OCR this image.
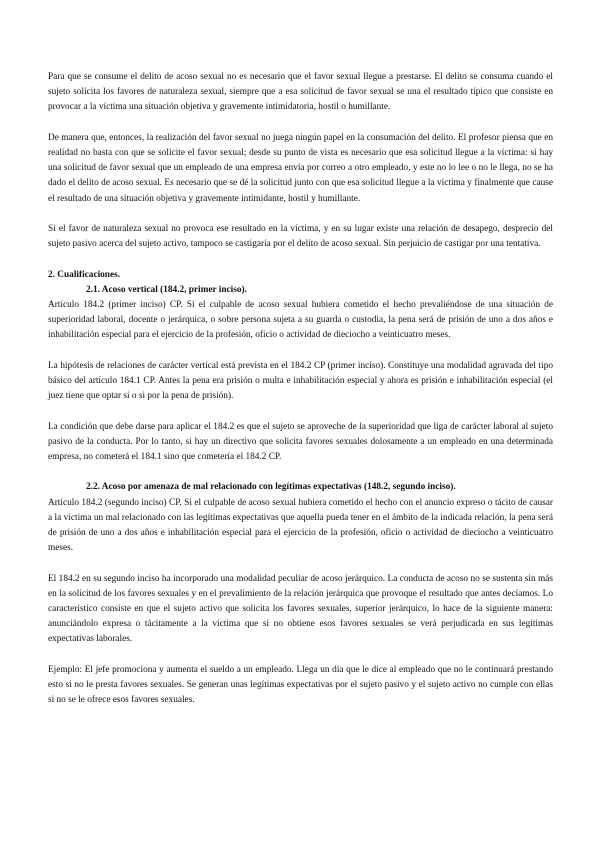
Para que se consume el delito de acoso sexual no es necesario que el favor sexual llegue a prestarse. El delito se consuma cuando el sujeto solicita los favores de naturaleza sexual, siempre que a esa solicitud de favor sexual se una el resultado típico que consiste en provocar a la víctima una situación objetiva y gravemente intimidatoria, hostil o humillante.

De manera que, entonces, la realización del favor sexual no juega ningún papel en la consumación del delito. El profesor piensa que en realidad no basta con que se solicite el favor sexual; desde su punto de vista es necesario que esa solicitud llegue a la víctima: si hay una solicitud de favor sexual que un empleado de una empresa envía por correo a otro empleado, y este no lo lee o no le llega, no se ha dado el delito de acoso sexual. Es necesario que se dé la solicitud junto con que esa solicitud llegue a la víctima y finalmente que cause el resultado de una situación objetiva y gravemente intimidante, hostil y humillante.

Si el favor de naturaleza sexual no provoca ese resultado en la víctima, y en su lugar existe una relación de desapego, desprecio del sujeto pasivo acerca del sujeto activo, tampoco se castigaría por el delito de acoso sexual. Sin perjuicio de castigar por una tentativa.

2. Cualificaciones.

2.1. Acoso vertical (184.2, primer inciso).

Artículo 184.2 (primer inciso) CP. Si el culpable de acoso sexual hubiera cometido el hecho prevaliéndose de una situación de superioridad laboral, docente o jerárquica, o sobre persona sujeta a su guarda o custodia, la pena será de prisión de uno a dos años e inhabilitación especial para el ejercicio de la profesión, oficio o actividad de dieciocho a veinticuatro meses.

La hipótesis de relaciones de carácter vertical está prevista en el 184.2 CP (primer inciso). Constituye una modalidad agravada del tipo básico del artículo 184.1 CP. Antes la pena era prisión o multa e inhabilitación especial y ahora es prisión e inhabilitación especial (el juez tiene que optar si o si por la pena de prisión).

La condición que debe darse para aplicar el 184.2 es que el sujeto se aproveche de la superioridad que liga de carácter laboral al sujeto pasivo de la conducta. Por lo tanto, si hay un directivo que solicita favores sexuales dolosamente a un empleado en una determinada empresa, no cometerá el 184.1 sino que cometería el 184.2 CP.

2.2. Acoso por amenaza de mal relacionado con legítimas expectativas (148.2, segundo inciso).

Artículo 184.2 (segundo inciso) CP. Si el culpable de acoso sexual hubiera cometido el hecho con el anuncio expreso o tácito de causar a la víctima un mal relacionado con las legítimas expectativas que aquella pueda tener en el ámbito de la indicada relación, la pena será de prisión de uno a dos años e inhabilitación especial para el ejercicio de la profesión, oficio o actividad de dieciocho a veinticuatro meses.

El 184.2 en su segundo inciso ha incorporado una modalidad peculiar de acoso jerárquico. La conducta de acoso no se sustenta sin más en la solicitud de los favores sexuales y en el prevalimiento de la relación jerárquica que provoque el resultado que antes decíamos. Lo característico consiste en que el sujeto activo que solicita los favores sexuales, superior jerárquico, lo hace de la siguiente manera: anunciándolo expresa o tácitamente a la víctima que si no obtiene esos favores sexuales se verá perjudicada en sus legítimas expectativas laborales.

Ejemplo: El jefe promociona y aumenta el sueldo a un empleado. Llega un día que le dice al empleado que no le continuará prestando esto si no le presta favores sexuales. Se generan unas legítimas expectativas por el sujeto pasivo y el sujeto activo no cumple con ellas si no se le ofrece esos favores sexuales.
